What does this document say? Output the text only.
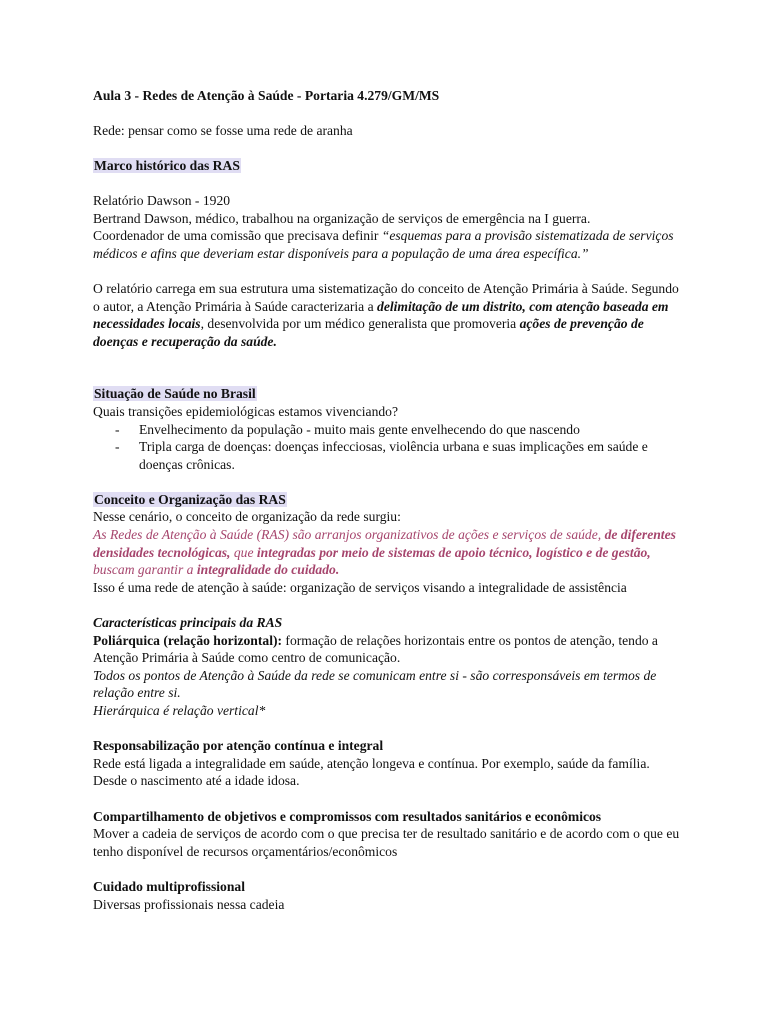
Aula 3 - Redes de Atenção à Saúde - Portaria 4.279/GM/MS

Rede: pensar como se fosse uma rede de aranha

Marco histórico das RAS

Relatório Dawson - 1920

Bertrand Dawson, médico, trabalhou na organização de serviços de emergência na I guerra.

Coordenador de uma comissão que precisava definir “esquemas para a provisão sistematizada de serviços médicos e afins que deveriam estar disponíveis para a população de uma área específica.”

O relatório carrega em sua estrutura uma sistematização do conceito de Atenção Primária à Saúde. Segundo o autor, a Atenção Primária à Saúde caracterizaria a delimitação de um distrito, com atenção baseada em necessidades locais, desenvolvida por um médico generalista que promoveria ações de prevenção de doenças e recuperação da saúde.

Situação de Saúde no Brasil

Quais transições epidemiológicas estamos vivenciando?

- Envelhecimento da população - muito mais gente envelhecendo do que nascendo
- Tripla carga de doenças: doenças infecciosas, violência urbana e suas implicações em saúde e doenças crônicas.

Conceito e Organização das RAS

Nesse cenário, o conceito de organização da rede surgiu:

As Redes de Atenção à Saúde (RAS) são arranjos organizativos de ações e serviços de saúde, de diferentes densidades tecnológicas, que integradas por meio de sistemas de apoio técnico, logístico e de gestão, buscam garantir a integralidade do cuidado.

Isso é uma rede de atenção à saúde: organização de serviços visando a integralidade de assistência

Características principais da RAS

Poliárquica (relação horizontal): formação de relações horizontais entre os pontos de atenção, tendo a Atenção Primária à Saúde como centro de comunicação.

Todos os pontos de Atenção à Saúde da rede se comunicam entre si - são corresponsáveis em termos de relação entre si.

Hierárquica é relação vertical*

Responsabilização por atenção contínua e integral

Rede está ligada a integralidade em saúde, atenção longeva e contínua. Por exemplo, saúde da família. Desde o nascimento até a idade idosa.

Compartilhamento de objetivos e compromissos com resultados sanitários e econômicos

Mover a cadeia de serviços de acordo com o que precisa ter de resultado sanitário e de acordo com o que eu tenho disponível de recursos orçamentários/econômicos

Cuidado multiprofissional

Diversas profissionais nessa cadeia
